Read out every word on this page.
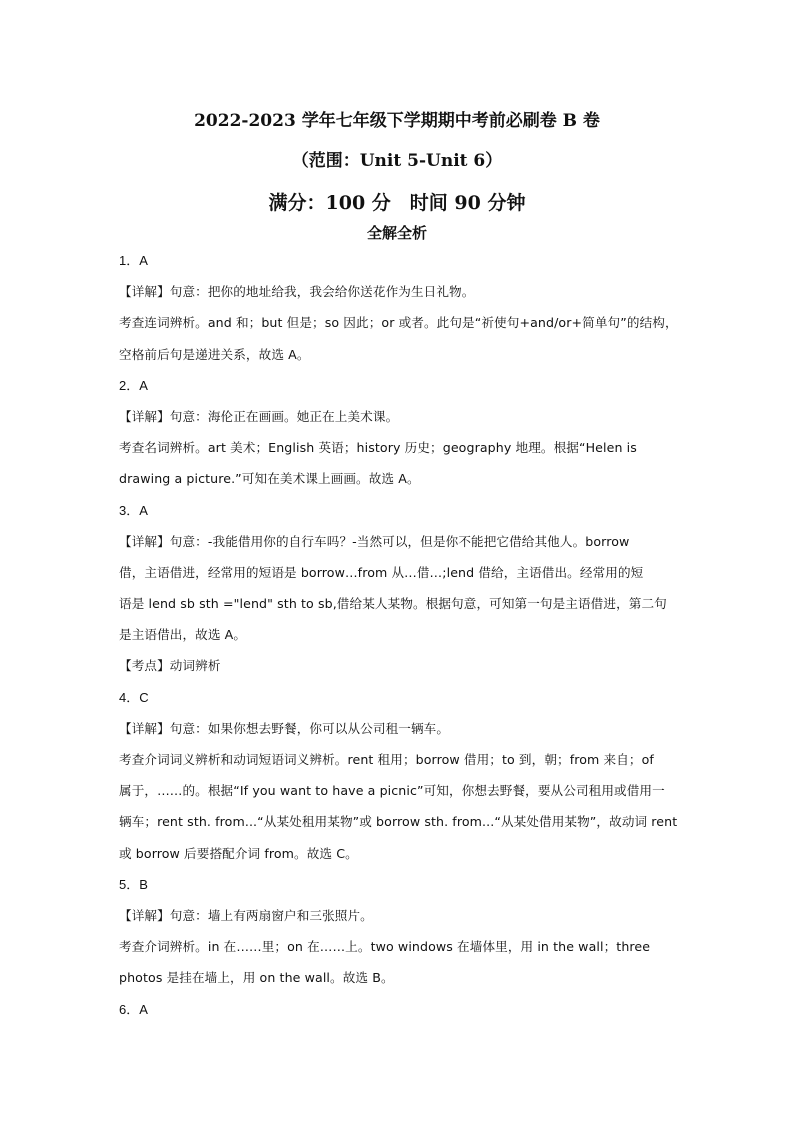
2022-2023 学年七年级下学期期中考前必刷卷 B 卷
（范围：Unit 5-Unit 6）
满分：100 分　时间 90 分钟
全解全析
1．A
【详解】句意：把你的地址给我，我会给你送花作为生日礼物。
考查连词辨析。and 和；but 但是；so 因此；or 或者。此句是“祈使句+and/or+简单句”的结构，
空格前后句是递进关系，故选 A。
2．A
【详解】句意：海伦正在画画。她正在上美术课。
考查名词辨析。art 美术；English 英语；history 历史；geography 地理。根据“Helen is
drawing a picture.”可知在美术课上画画。故选 A。
3．A
【详解】句意：-我能借用你的自行车吗？-当然可以，但是你不能把它借给其他人。borrow
借，主语借进，经常用的短语是 borrow…from 从…借…;lend 借给，主语借出。经常用的短
语是 lend sb sth ="lend" sth to sb,借给某人某物。根据句意，可知第一句是主语借进，第二句
是主语借出，故选 A。
【考点】动词辨析
4．C
【详解】句意：如果你想去野餐，你可以从公司租一辆车。
考查介词词义辨析和动词短语词义辨析。rent 租用；borrow 借用；to 到，朝；from 来自；of
属于，……的。根据“If you want to have a picnic”可知，你想去野餐，要从公司租用或借用一
辆车；rent sth. from...“从某处租用某物”或 borrow sth. from...“从某处借用某物”，故动词 rent
或 borrow 后要搭配介词 from。故选 C。
5．B
【详解】句意：墙上有两扇窗户和三张照片。
考查介词辨析。in 在……里；on 在……上。two windows 在墙体里，用 in the wall；three
photos 是挂在墙上，用 on the wall。故选 B。
6．A
